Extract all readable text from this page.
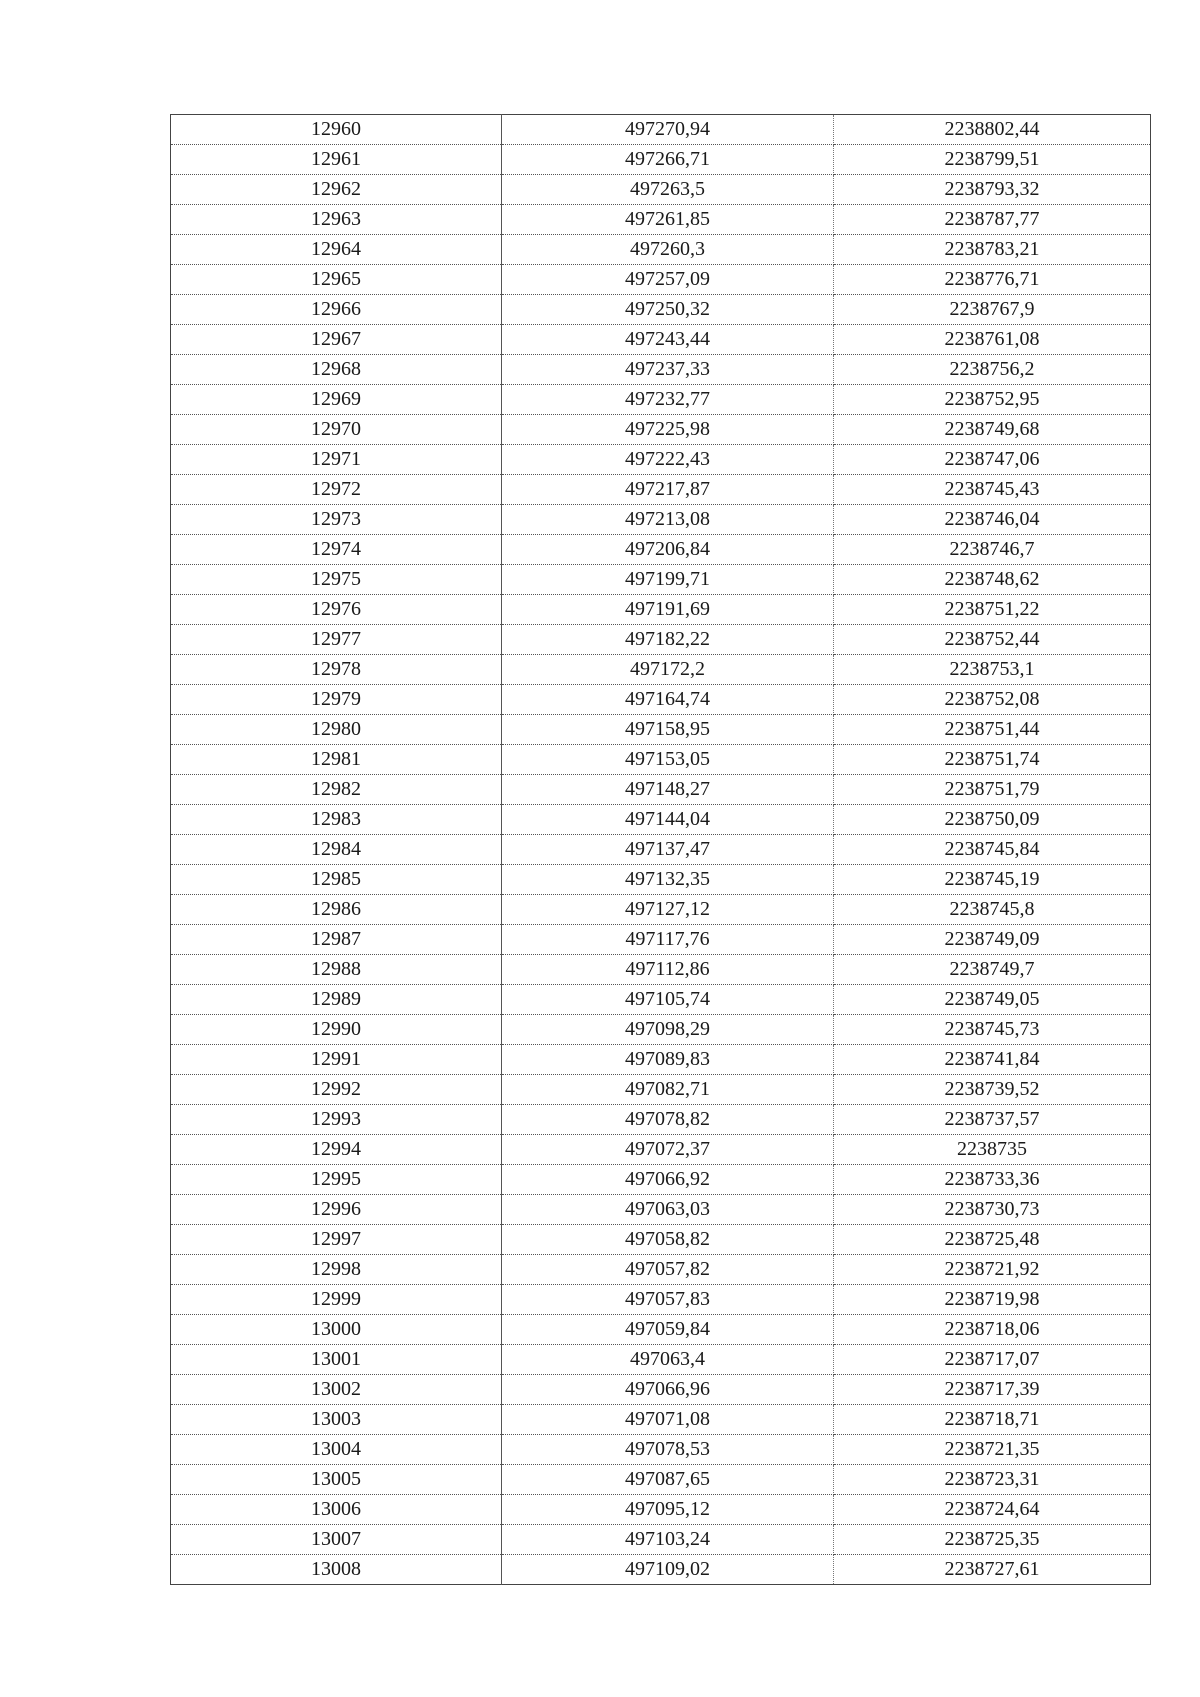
12960	497270,94	2238802,44
12961	497266,71	2238799,51
12962	497263,5	2238793,32
12963	497261,85	2238787,77
12964	497260,3	2238783,21
12965	497257,09	2238776,71
12966	497250,32	2238767,9
12967	497243,44	2238761,08
12968	497237,33	2238756,2
12969	497232,77	2238752,95
12970	497225,98	2238749,68
12971	497222,43	2238747,06
12972	497217,87	2238745,43
12973	497213,08	2238746,04
12974	497206,84	2238746,7
12975	497199,71	2238748,62
12976	497191,69	2238751,22
12977	497182,22	2238752,44
12978	497172,2	2238753,1
12979	497164,74	2238752,08
12980	497158,95	2238751,44
12981	497153,05	2238751,74
12982	497148,27	2238751,79
12983	497144,04	2238750,09
12984	497137,47	2238745,84
12985	497132,35	2238745,19
12986	497127,12	2238745,8
12987	497117,76	2238749,09
12988	497112,86	2238749,7
12989	497105,74	2238749,05
12990	497098,29	2238745,73
12991	497089,83	2238741,84
12992	497082,71	2238739,52
12993	497078,82	2238737,57
12994	497072,37	2238735
12995	497066,92	2238733,36
12996	497063,03	2238730,73
12997	497058,82	2238725,48
12998	497057,82	2238721,92
12999	497057,83	2238719,98
13000	497059,84	2238718,06
13001	497063,4	2238717,07
13002	497066,96	2238717,39
13003	497071,08	2238718,71
13004	497078,53	2238721,35
13005	497087,65	2238723,31
13006	497095,12	2238724,64
13007	497103,24	2238725,35
13008	497109,02	2238727,61
